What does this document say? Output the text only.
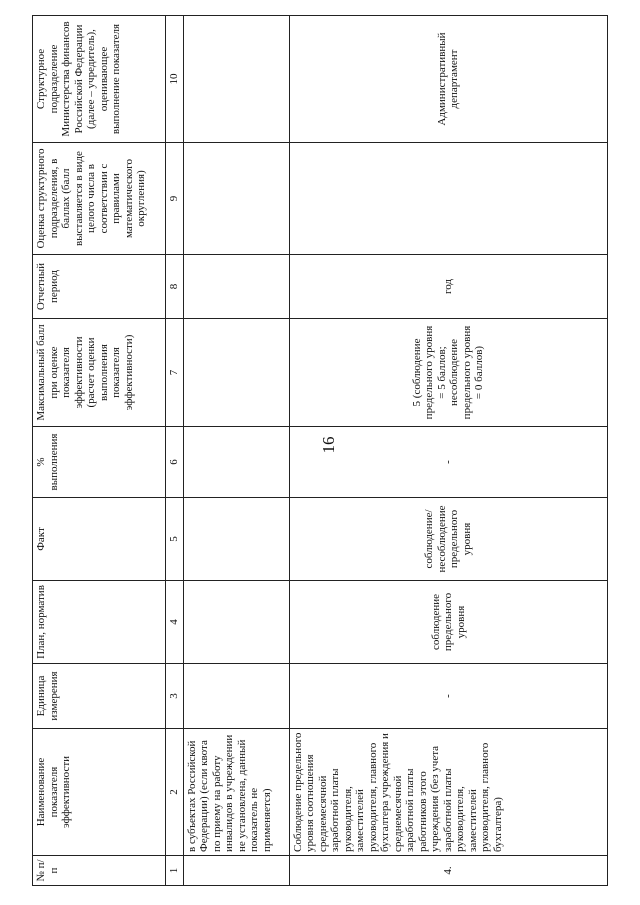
16
№ п/п	Наименование показателя эффективности	Единица измерения	План, норматив	Факт	% выполнения	Максимальный балл при оценке показателя эффективности (расчет оценки выполнения показателя эффективности)	Отчетный период	Оценка структурного подразделения, в баллах (балл выставляется в виде целого числа в соответствии с правилами математического округления)	Структурное подразделение Министерства финансов Российской Федерации (далее – учредитель), оценивающее выполнение показателя
1	2	3	4	5	6	7	8	9	10
	в субъектах Российской Федерации) (если квота по приему на работу инвалидов в учреждении не установлена, данный показатель не применяется)								
4.	Соблюдение предельного уровня соотношения среднемесячной заработной платы руководителя, заместителей руководителя, главного бухгалтера учреждения и среднемесячной заработной платы работников этого учреждения (без учета заработной платы руководителя, заместителей руководителя, главного бухгалтера)	-	соблюдение предельного уровня	соблюдение/ несоблюдение предельного уровня	-	5 (соблюдение предельного уровня = 5 баллов; несоблюдение предельного уровня = 0 баллов)	год		Административный департамент
